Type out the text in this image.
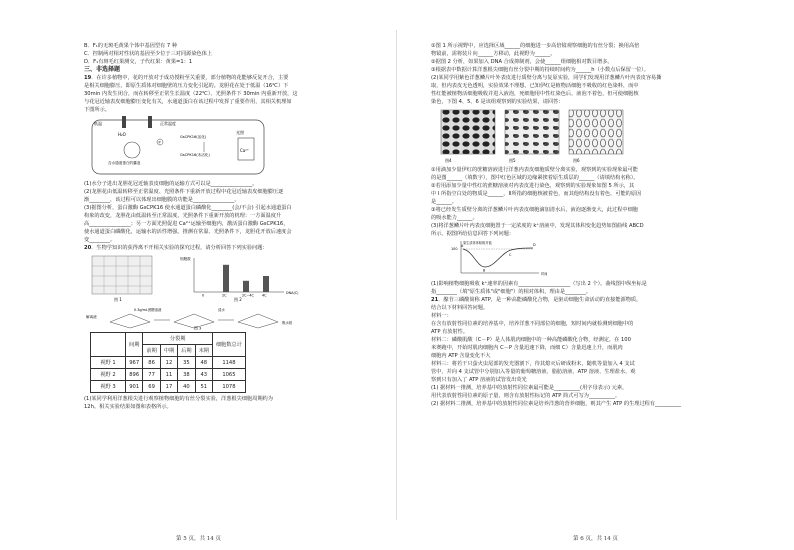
B．F₁的无斑毛黄果个体中基因型有 7 种

C．控制两对相对性状的基因至少位于三对同源染色体上

D．F₁有斑毛红果测交，子代红果：黄果=1：1

三、非选择题

19．在许多植物中，花的开放对于成功授粉至关重要，部分植物的花能够反复开合，主要

是相关细胞膨压，即原生质体对细胞壁的压力变化引起的。龙胆花在处于低温（16℃）下

30min 内发生闭合，而在转移至正常生长温度（22℃）、光照条件下 30min 内重新开放，这

与花冠近轴表皮细胞膨压变化有关，水通道蛋白在该过程中发挥了重要作用，其相关机理如

下图所示。

低温	正常温度
H₂O
含水通道蛋白的囊泡
P
GsCPK16(活化)
GsCPK16(未活化)
光照
Ca²⁺

(1)水分子进出龙胆花冠近轴表皮细胞的运输方式可以是________________。

(2)龙胆花由低温转移至正常温度、光照条件下重新开放过程中花冠近轴表皮细胞膨压逐

渐________，该过程可以体现出细胞膜的功能是________________。

(3)据图分析，蛋白激酶 GsCPK16 使水通道蛋白磷酸化________(会/不会) 引起水通道蛋白

构象的改变，龙胆花由低温转至正常温度、光照条件下重新开放的机理：一方面温度升

高________________；另一方面光照促进 Ca²⁺运输至细胞内，激活蛋白激酶 GsCPK16，

使水通道蛋白磷酸化，运输水的活性增强。推测在常温、光照条件下，龙胆花开放后速度会

变________。

20．生物学知识的获得离不开相关实验的探究过程，请分析回答下列实验问题：

图 1
细胞数
DNA(C)
0	2C	2C~4C 4C
图 2
解离液
0.3g/mL蔗糖溶液	清水
吸水纸
图 3
	间期	分裂期				细胞数总计
		前期	中期	后期	末期	
视野 1	967	86	12	35	48	1148
视野 2	896	77	11	38	43	1065
视野 3	901	69	17	40	51	1078

(1)某同学利用洋葱根尖进行观察植物细胞的有丝分裂实验，洋葱根尖细胞周期约为

12h。相关实验结果如图和表格所示。

第 5 页，共 14 页

①图 1 所示视野中，应选择区域______的细胞进一步高倍镜观察细胞的有丝分裂；换用高倍

物镜前，需将装片向______方移动，此视野为______。

②据图 2 分析，如果加入 DNA 合成抑制剂，会使______组细胞相对数目增多。

③根据表中数据计算洋葱根尖细胞有丝分裂中期的持续时间约为______h（小数点后保留一位）。

(2)某同学用紫色洋葱鳞片叶外表皮进行质壁分离与复原实验，同学们发现用洋葱鳞片叶内表皮容易撕

取，但内表皮无色透明，实验效果不理想，已知伊红是植物活细胞不吸收的红色染料，而中

性红能被植物活细胞吸收并进入液泡，死细胞用中性红染色后，液泡不着色，但可使细胞核

染色，下图 4、5、6 是该组观察到的实验结果，请回答：

图4	图5	图6

①用滴加少量伊红的蔗糖溶液进行洋葱内表皮细胞质壁分离实验，观察到的实验现象最可能

的是图______（填数字），图中红色区域的边缘紧挨着原生质层的______（请填结构名称）。

②若用添加少量中性红的蔗糖溶液对内表皮进行染色，观察到的实验现象如图 5 所示，其

中 I 所指空白处的物质是______，II所指的细胞核被着色，而其他结构没有着色，可能的原因

是______。

③将已经发生质壁分离的洋葱鳞片叶内表皮细胞滴加清水后，液泡逐渐变大，此过程中细胞

的吸水能力______。

(3)将洋葱鳞片叶内表皮细胞置于一定浓度的 k⁺溶液中，发现其体积变化趋势如图曲线 ABCD

所示。据图所给信息回答下列问题：

100
A
B
C
D
原生质体体积相对值
时间

(1)影响植物细胞吸收 k⁺速率的因素有____________________（写出 2 个）。曲线图中纵坐标是

指________（填"原生质体"或"细胞"）的相对体积，理由是________。

21．腺苷三磷酸简称 ATP，是一种高能磷酸化合物，是驱动细胞生命活动的直接能源物质，

结合以下材料回答问题。

材料一：

在含有放射性同位素的培养基中，培养洋葱不同部位的细胞，短时间内就检测到细胞中的

ATP 有放射性。

材料二：磷酸肌酸（C－P）是人体肌肉细胞中的一种高能磷酸化合物，经测定，在 100

米赛跑中，开始时肌肉细胞内 C－P 含量迅速下降，而细 C）含量迅速上升，而肌肉

细胞内 ATP 含量变化不大

材料三：将若干只萤火虫尾部的发光器割下，待其熄灭后研成粉末，随机等量加入 4 支试

管中，并向 4 支试管中分别加入等量的葡萄糖溶液、脂肪溶液、ATP 溶液、生理盐水，观

察到只有加入了 ATP 溶液的试管发出荧光

(1) 据材料一推测，培养基中的放射性同位素最可能是__________(用字母表示) 元素，

用代表放射性同位素的原子量，则含有放射性标记的 ATP 简式可写为__________。

(2) 据材料二推测，培养基中的放射性同位素是培养洋葱的营养细胞，则其产生 ATP 的生理过程有__________

第 6 页，共 14 页
